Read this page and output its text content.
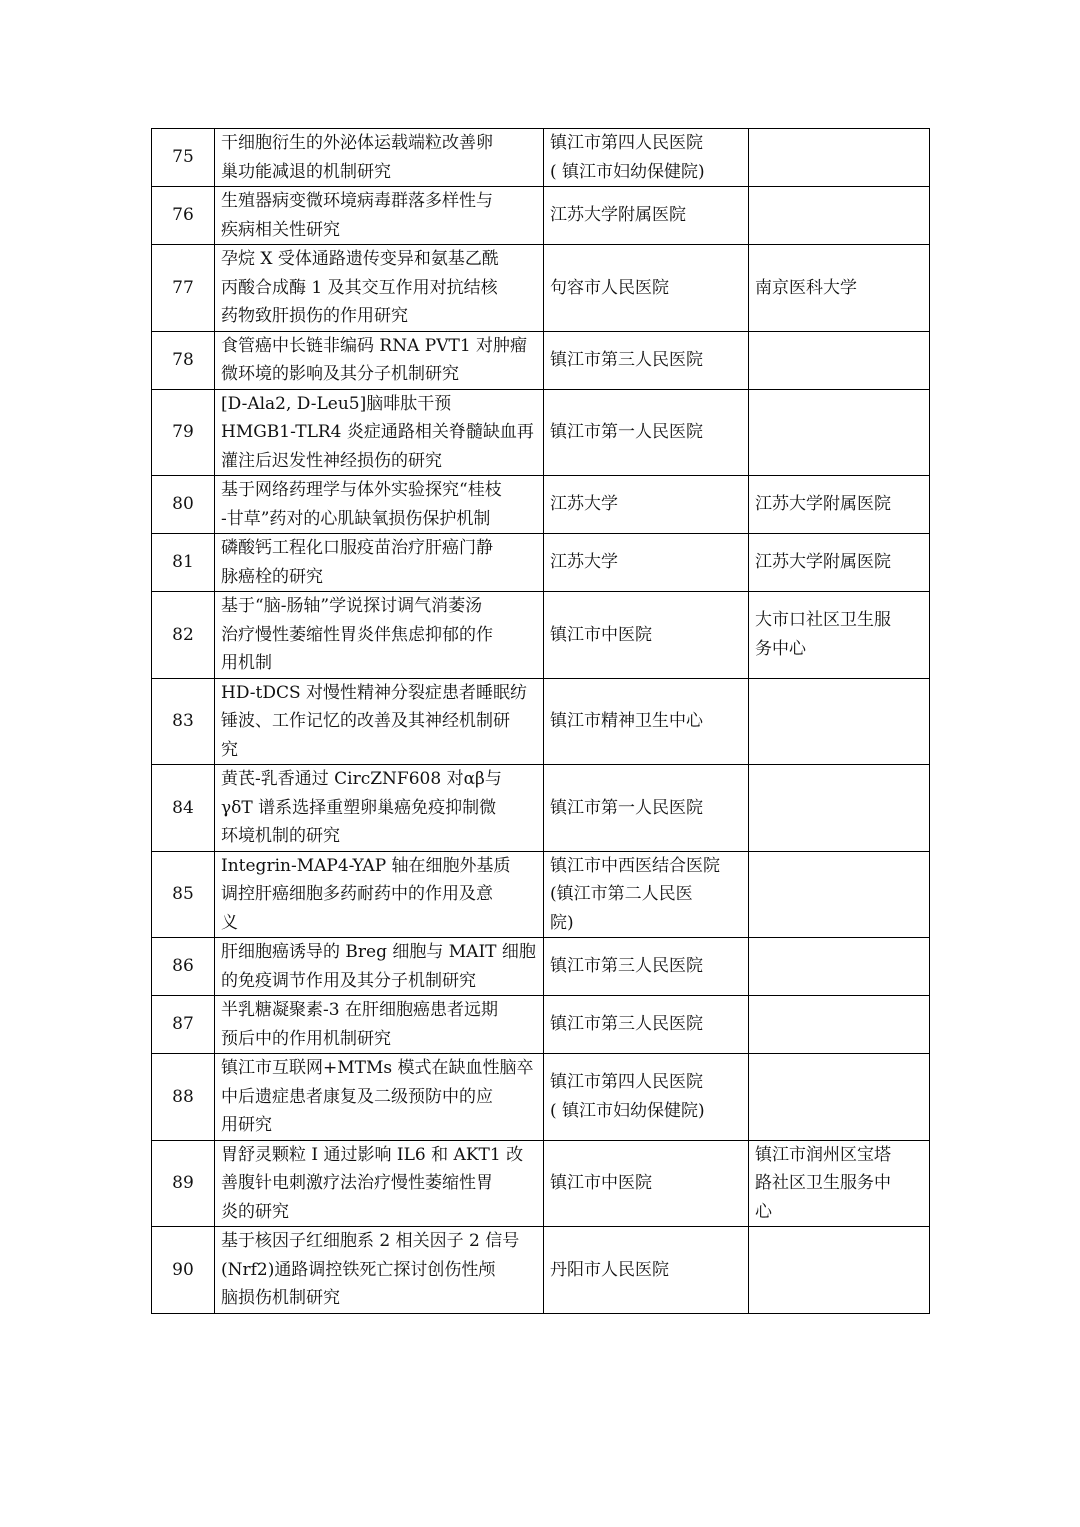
75	干细胞衍生的外泌体运载端粒改善卵
巢功能减退的机制研究	镇江市第四人民医院
( 镇江市妇幼保健院)	

76	生殖器病变微环境病毒群落多样性与
疾病相关性研究	江苏大学附属医院	

77	孕烷 X 受体通路遗传变异和氨基乙酰
丙酸合成酶 1 及其交互作用对抗结核
药物致肝损伤的作用研究	句容市人民医院	南京医科大学

78	食管癌中长链非编码 RNA PVT1 对肿瘤
微环境的影响及其分子机制研究	镇江市第三人民医院	

79	[D-Ala2, D-Leu5]脑啡肽干预
HMGB1-TLR4 炎症通路相关脊髓缺血再
灌注后迟发性神经损伤的研究	镇江市第一人民医院	

80	基于网络药理学与体外实验探究“桂枝
-甘草”药对的心肌缺氧损伤保护机制	江苏大学	江苏大学附属医院

81	磷酸钙工程化口服疫苗治疗肝癌门静
脉癌栓的研究	江苏大学	江苏大学附属医院

82	基于“脑-肠轴”学说探讨调气消萎汤
治疗慢性萎缩性胃炎伴焦虑抑郁的作
用机制	镇江市中医院	大市口社区卫生服
务中心

83	HD-tDCS 对慢性精神分裂症患者睡眠纺
锤波、工作记忆的改善及其神经机制研
究	镇江市精神卫生中心	

84	黄芪-乳香通过 CircZNF608 对αβ与
γδT 谱系选择重塑卵巢癌免疫抑制微
环境机制的研究	镇江市第一人民医院	

85	Integrin-MAP4-YAP 轴在细胞外基质
调控肝癌细胞多药耐药中的作用及意
义	镇江市中西医结合医院
(镇江市第二人民医
院)	

86	肝细胞癌诱导的 Breg 细胞与 MAIT 细胞
的免疫调节作用及其分子机制研究	镇江市第三人民医院	

87	半乳糖凝聚素-3 在肝细胞癌患者远期
预后中的作用机制研究	镇江市第三人民医院	

88	镇江市互联网+MTMs 模式在缺血性脑卒
中后遗症患者康复及二级预防中的应
用研究	镇江市第四人民医院
( 镇江市妇幼保健院)	

89	胃舒灵颗粒 I 通过影响 IL6 和 AKT1 改
善腹针电刺激疗法治疗慢性萎缩性胃
炎的研究	镇江市中医院	镇江市润州区宝塔
路社区卫生服务中
心

90	基于核因子红细胞系 2 相关因子 2 信号
(Nrf2)通路调控铁死亡探讨创伤性颅
脑损伤机制研究	丹阳市人民医院	
